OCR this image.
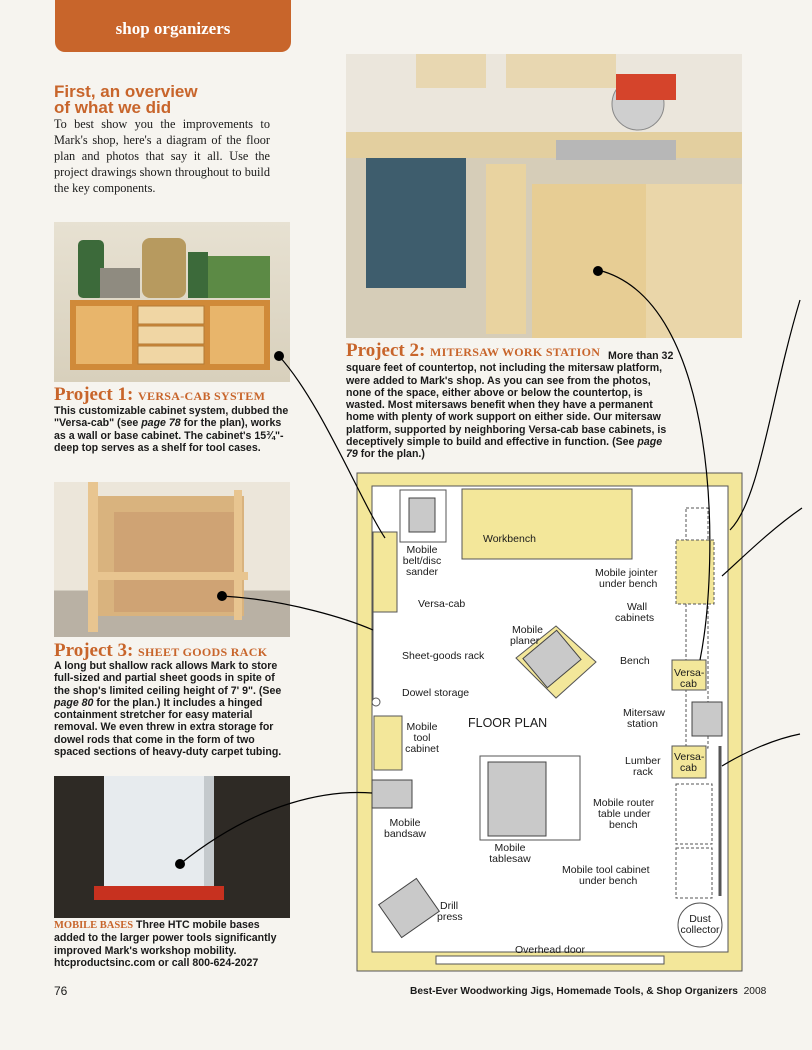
shop organizers
First, an overview
of what we did

To best show you the improvements to Mark's shop, here's a diagram of the floor plan and photos that say it all. Use the project drawings shown throughout to build the key components.

Project 2: MITERSAW WORK STATION More than 32 square feet of countertop, not including the mitersaw platform, were added to Mark's shop. As you can see from the photos, none of the space, either above or below the countertop, is wasted. Most mitersaws benefit when they have a permanent home with plenty of work support on either side. Our mitersaw platform, supported by neighboring Versa-cab base cabinets, is deceptively simple to build and effective in function. (See page 79 for the plan.)

Project 1: VERSA-CAB SYSTEM

This customizable cabinet system, dubbed the "Versa-cab" (see page 78 for the plan), works as a wall or base cabinet. The cabinet's 15¾"-deep top serves as a shelf for tool cases.

Project 3: SHEET GOODS RACK

A long but shallow rack allows Mark to store full-sized and partial sheet goods in spite of the shop's limited ceiling height of 7' 9". (See page 80 for the plan.) It includes a hinged containment stretcher for easy material removal. We even threw in extra storage for dowel rods that come in the form of two spaced sections of heavy-duty carpet tubing.

MOBILE BASES Three HTC mobile bases added to the larger power tools significantly improved Mark's workshop mobility. htcproductsinc.com or call 800-624-2027

Mobile
belt/disc
sander
Workbench
Versa-cab
Mobile jointer
under bench
Wall
cabinets
Mobile
planer
Sheet-goods rack	Bench
Versa-
cab
Dowel storage
Mitersaw
station
Mobile
tool
cabinet
FLOOR PLAN
Lumber
rack
Versa-
cab
Mobile router
table under
bench
Mobile
bandsaw
Mobile
tablesaw
Mobile tool cabinet
under bench
Drill
press	Dust
collector
Overhead door
76	Best-Ever Woodworking Jigs, Homemade Tools, & Shop Organizers 2008
